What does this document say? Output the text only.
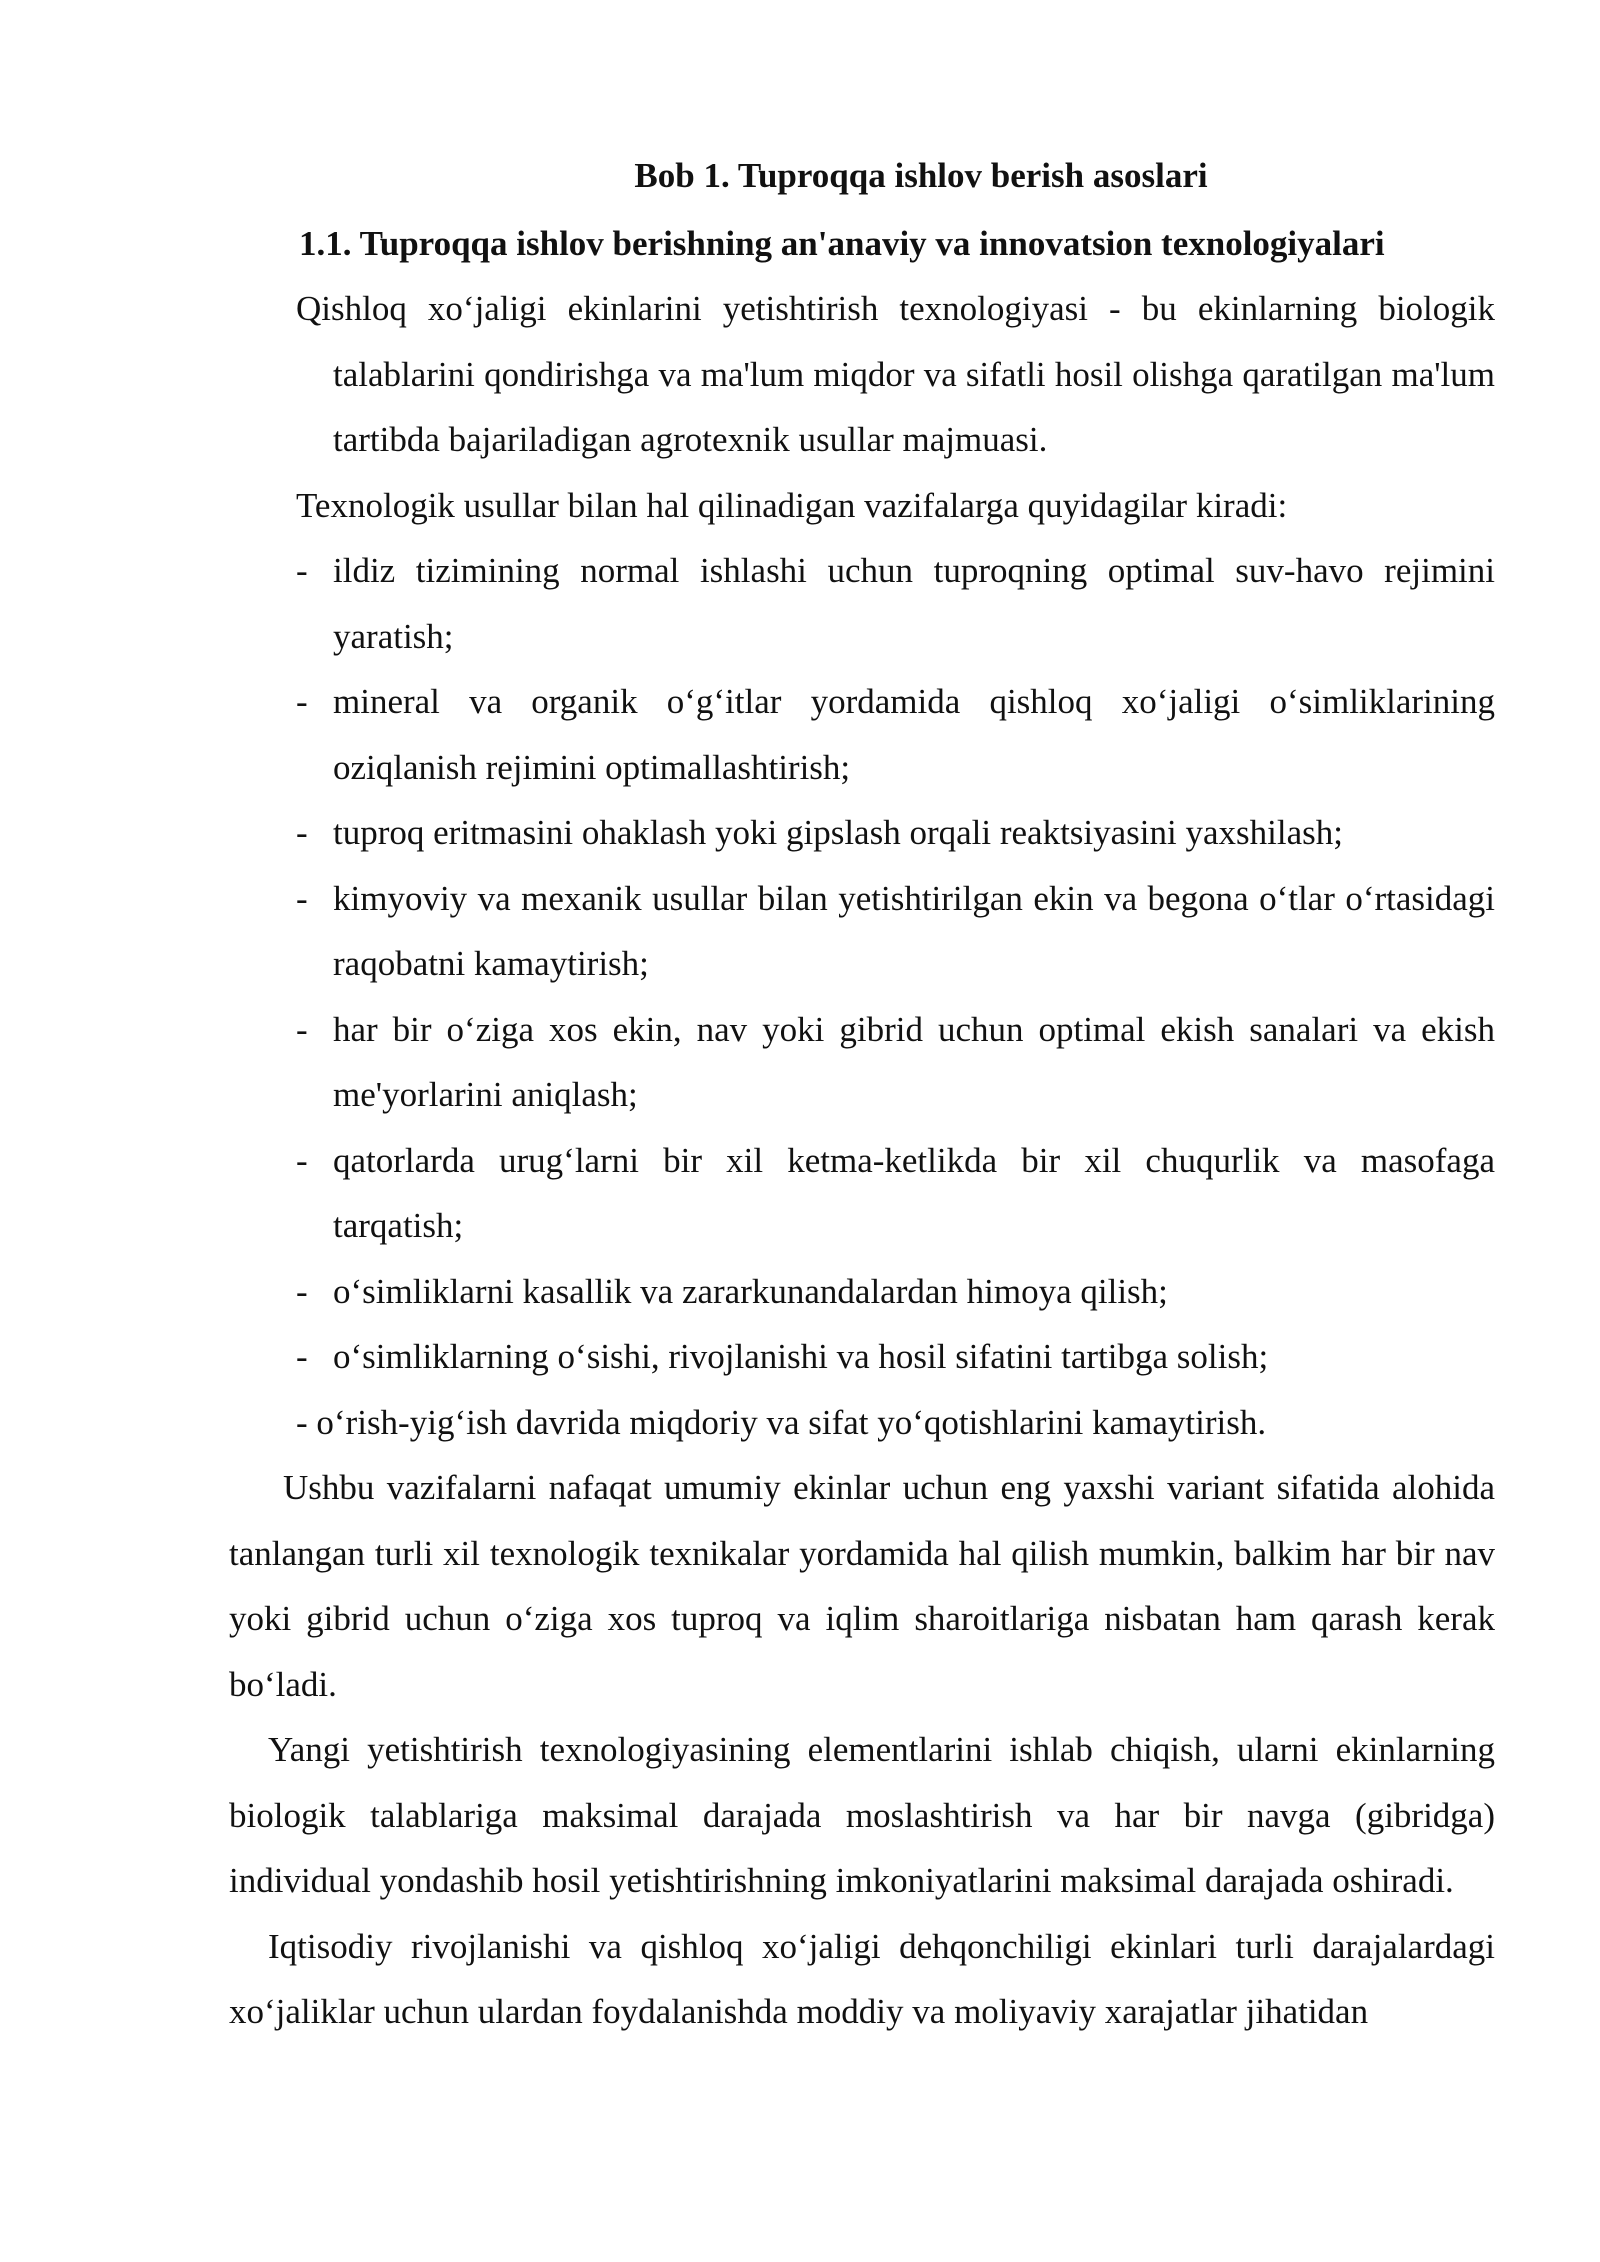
Bob 1. Tuproqqa ishlov berish asoslari
1.1. Tuproqqa ishlov berishning an'anaviy va innovatsion texnologiyalari

Qishloq xo‘jaligi ekinlarini yetishtirish texnologiyasi - bu ekinlarning biologik talablarini qondirishga va ma'lum miqdor va sifatli hosil olishga qaratilgan ma'lum tartibda bajariladigan agrotexnik usullar majmuasi.

Texnologik usullar bilan hal qilinadigan vazifalarga quyidagilar kiradi:

- ildiz tizimining normal ishlashi uchun tuproqning optimal suv-havo rejimini yaratish;
- mineral va organik o‘g‘itlar yordamida qishloq xo‘jaligi o‘simliklarining oziqlanish rejimini optimallashtirish;
- tuproq eritmasini ohaklash yoki gipslash orqali reaktsiyasini yaxshilash;
- kimyoviy va mexanik usullar bilan yetishtirilgan ekin va begona o‘tlar o‘rtasidagi raqobatni kamaytirish;
- har bir o‘ziga xos ekin, nav yoki gibrid uchun optimal ekish sanalari va ekish me'yorlarini aniqlash;
- qatorlarda urug‘larni bir xil ketma-ketlikda bir xil chuqurlik va masofaga tarqatish;
- o‘simliklarni kasallik va zararkunandalardan himoya qilish;
- o‘simliklarning o‘sishi, rivojlanishi va hosil sifatini tartibga solish;

- o‘rish-yig‘ish davrida miqdoriy va sifat yo‘qotishlarini kamaytirish.

Ushbu vazifalarni nafaqat umumiy ekinlar uchun eng yaxshi variant sifatida alohida tanlangan turli xil texnologik texnikalar yordamida hal qilish mumkin, balkim har bir nav yoki gibrid uchun o‘ziga xos tuproq va iqlim sharoitlariga nisbatan ham qarash kerak bo‘ladi.

Yangi yetishtirish texnologiyasining elementlarini ishlab chiqish, ularni ekinlarning biologik talablariga maksimal darajada moslashtirish va har bir navga (gibridga) individual yondashib hosil yetishtirishning imkoniyatlarini maksimal darajada oshiradi.

Iqtisodiy rivojlanishi va qishloq xo‘jaligi dehqonchiligi ekinlari turli darajalardagi xo‘jaliklar uchun ulardan foydalanishda moddiy va moliyaviy xarajatlar jihatidan
